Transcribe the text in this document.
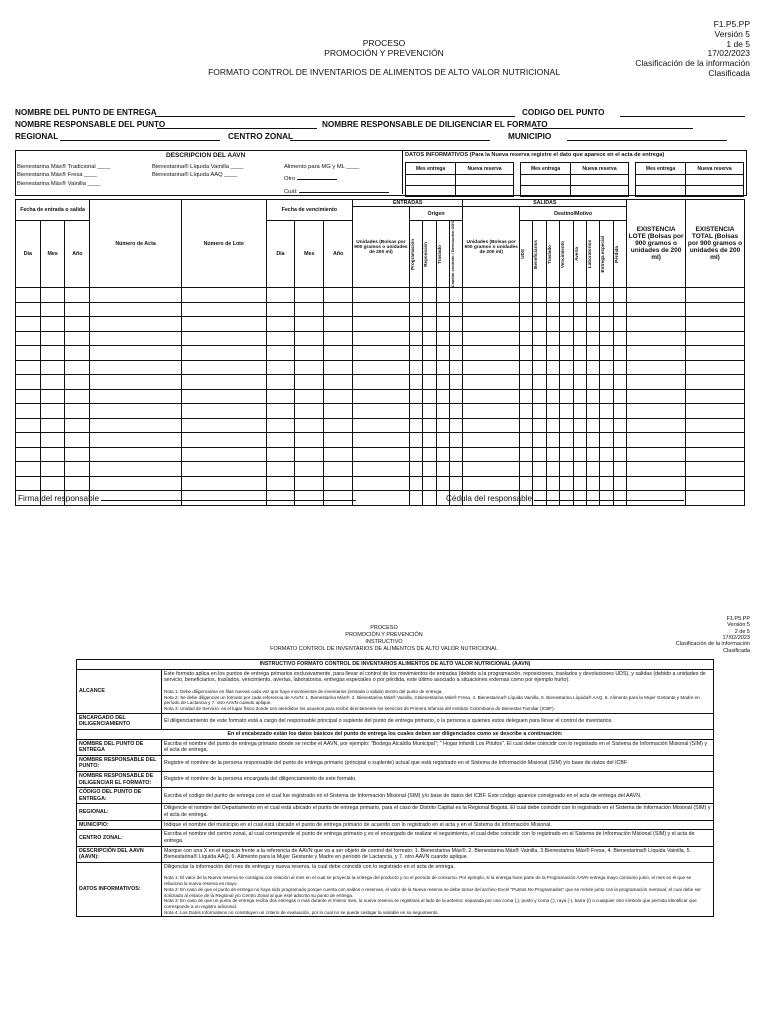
F1.P5.PP
Versión 5
1 de 5
17/02/2023
Clasificación de la información
Clasificada
PROCESO
PROMOCIÓN Y PREVENCIÓN
FORMATO CONTROL DE INVENTARIOS DE ALIMENTOS DE ALTO VALOR NUTRICIONAL
NOMBRE DEL PUNTO DE ENTREGA	CODIGO DEL PUNTO
NOMBRE RESPONSABLE DEL PUNTO	NOMBRE RESPONSABLE DE DILIGENCIAR EL FORMATO
REGIONAL	CENTRO ZONAL	MUNICIPIO
DESCRIPCION DEL AAVN
Bienestarina Más® Tradicional ____
Bienestarina Más® Fresa ____
Bienestarina Más® Vainilla ____
Bienestarina® Líquida Vainilla ____
Bienestarina® Líquida AAQ ____
Alimento para MG y ML ____
Otro
Cuál:
DATOS INFORMATIVOS (Para la Nueva reserva registre el dato que aparece en el acta de entrega)
Mes entrega	Nueva reserva		Mes entrega	Nueva reserva		Mes entrega	Nueva reserva

Fecha de entrada o salida			Número de Acta	Número de Lote	Fecha de vencimiento			ENTRADAS					SALIDAS									EXISTENCIA LOTE (Bolsas por 900 gramos o unidades de 200 ml)	EXISTENCIA TOTAL (Bolsas por 900 gramos o unidades de 200 ml)
								Unidades (Bolsas por 900 gramos o unidades de 200 ml)	Origen				Unidades (Bolsas por 900 gramos o unidades de 200 ml)	Destino/Motivo									
Día	Mes	Año			Día	Mes	Año		Programación	Reposición	Traslado	Cambio contrato / Devolución UDS		UDS	Beneficiarios	Traslado	Vencimiento	Avería	Laboratorios	Entrega especial	Pérdida		

Firma del responsable	Cédula del responsable
F1.P5.PP
Versión 5
2 de 5
17/02/2023
Clasificación de la información
Clasificada
PROCESO
PROMOCIÓN Y PREVENCIÓN
INSTRUCTIVO
FORMATO CONTROL DE INVENTARIOS DE ALIMENTOS DE ALTO VALOR NUTRICIONAL
INSTRUCTIVO FORMATO CONTROL DE INVENTARIOS ALIMENTOS DE ALTO VALOR NUTRICIONAL (AAVN)	
ALCANCE	Este formato aplica en los puntos de entrega primarios exclusivamente, para llevar el control de los movimientos de entradas (debido a la programación, reposiciones, traslados y devoluciones UDS), y salidas (debido a unidades de servicio, beneficiarios, traslados, vencimiento, averías, laboratorios, entregas especiales o por pérdida, este último asociado a situaciones externas como por ejemplo hurto).
Nota 1: Debe diligenciarse en filas nuevas cada vez que haya movimientos de inventarios (entrada o salida) dentro del punto de entrega.
Nota 2: Se debe diligenciar un formato por cada referencia de AAVN: 1. Bienestarina Más®, 2. Bienestarina Más® Vainilla, 3.Bienestarina Más® Fresa, 4. Bienestarina® Líquida Vainilla, 5. Bienestarina Líquida® AAQ, 6. Alimento para la Mujer Gestante y Madre en período de Lactancia y 7. otro AAVN cuando aplique.
Nota 3: Unidad de Servicio: es el lugar físico donde son atendidos los usuarios para recibir directamente los servicios de Primera Infancia del Instituto Colombiano de Bienestar Familiar (ICBF).

ENCARGADO DEL DILIGENCIAMIENTO	El diligenciamiento de este formato está a cargo del responsable principal o suplente del punto de entrega primario, o la persona a quienes estos deleguen para llevar el control de inventarios.
En el encabezado están los datos básicos del punto de entrega los cuales deben ser diligenciados como se describe a continuación:	
NOMBRE DEL PUNTO DE ENTREGA	Escriba el nombre del punto de entrega primario donde se recibe el AAVN, por ejemplo: "Bodega Alcaldía Municipal"; " Hogar infantil Los Pitufos". El cual debe coincidir con lo registrado en el Sistema de Información Misional (SIM) y el acta de entrega.
NOMBRE RESPONSABLE DEL PUNTO:	Registre el nombre de la persona responsable del punto de entrega primario (principal o suplente) actual que está registrado en el Sistema de Información Misional (SIM) y/o base de datos del ICBF
NOMBRE RESPONSABLE DE DILIGENCIAR EL FORMATO:	Registre el nombre de la persona encargada del diligenciamiento de este formato.
CÓDIGO DEL PUNTO DE ENTREGA:	Escriba el código del punto de entrega con el cual fue registrado en el Sistema de Información Misional (SIM) y/o base de datos del ICBF. Este código aparece consignado en el acta de entrega del AAVN.
REGIONAL:	Diligencie el nombre del Departamento en el cual está ubicado el punto de entrega primario, para el caso de Distrito Capital es la Regional Bogotá. El cual debe coincidir con lo registrado en el Sistema de Información Misional (SIM) y el acta de entrega.
MUNICIPIO:	Indique el nombre del municipio en el cual está ubicado el punto de entrega primario de acuerdo con lo registrado en el acta y en el Sistema de Información Misional.
CENTRO ZONAL:	Escriba el nombre del centro zonal, al cual corresponde el punto de entrega primario y es el encargado de realizar el seguimiento, el cual debe coincidir con lo registrado en el Sistema de Información Misional (SIM) y el acta de entrega.
DESCRIPCIÓN DEL AAVN (AAVN):	Marque con una X en el espacio frente a la referencia de AAVN que va a ser objeto de control del formato: 1. Bienestarina Más®, 2. Bienestarina Más® Vainilla, 3.Bienestarina Más® Fresa, 4. Bienestarina® Líquida Vainilla, 5. Bienestarina® Líquida AAQ, 6. Alimento para la Mujer Gestante y Madre en período de Lactancia, y 7. otro AAVN cuando aplique.
DATOS INFORMATIVOS:	Diligenciar la información del mes de entrega y nueva reserva, la cual debe coincidir con lo registrado en el acta de entrega.
Nota 1: El valor de la Nueva reserva se consigna con relación al mes en el cual se proyecta la entrega del producto y no el período de consumo. Por ejemplo, si la entrega hace parte de la Programación AAVN entrega mayo consumo junio, el mes en el que se relaciona la nueva reserva es mayo.
Nota 2: En caso de que el punto de entrega no haya sido programado porque cuenta con saldos o reservas, el valor de la Nueva reserva se debe tomar del archivo Excel "Puntos No Programados" que se remite junto con la programación mensual, el cual debe ser solicitado al enlace de la Regional y/o Centro Zonal al que esté adscrito su punto de entrega.
Nota 3: En caso de que un punto de entrega reciba dos entregas o más durante el mismo mes, la nueva reserva se registrará al lado de la anterior, separada por una coma (,), punto y coma (;), raya (-), barra (/) o cualquier otro símbolo que permita identificar que corresponde a un registro adicional.
Nota 4: Los Datos Informativos no constituyen un criterio de evaluación, por lo cual no se puede castigar la variable en su seguimiento.
